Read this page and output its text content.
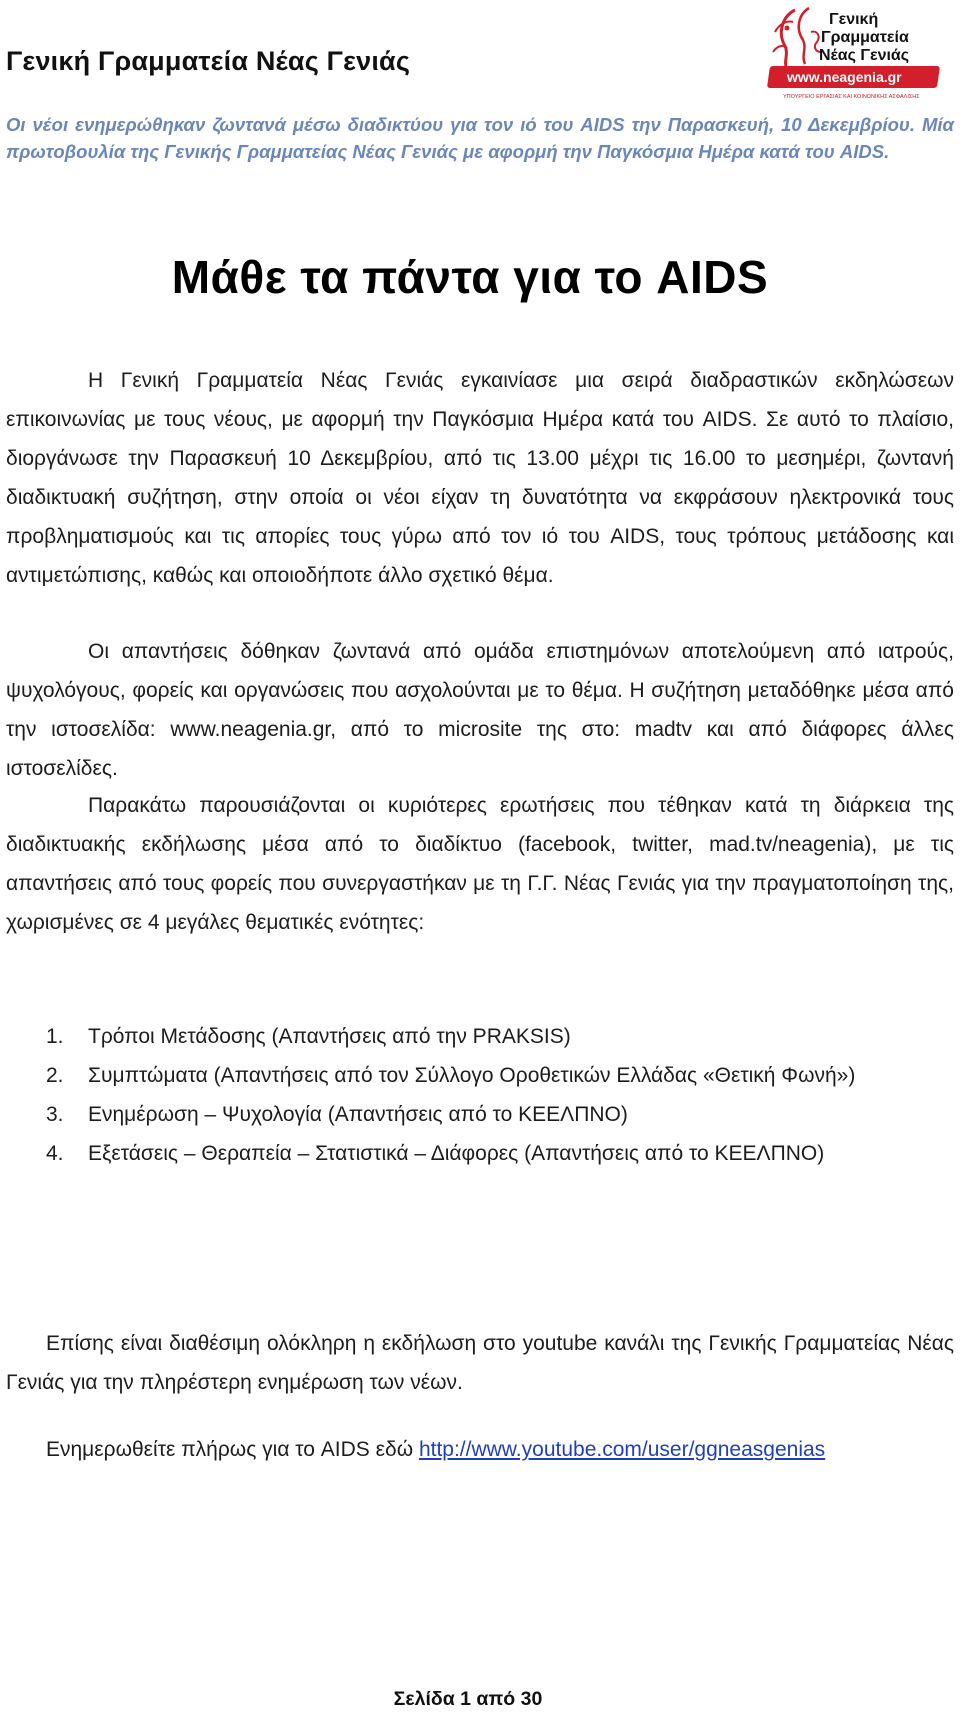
Γενική Γραμματεία Νέας Γενιάς
Γενική
Γραμματεία
Νέας Γενιάς
www.neagenia.gr
ΥΠΟΥΡΓΕΙΟ ΕΡΓΑΣΙΑΣ ΚΑΙ ΚΟΙΝΩΝΙΚΗΣ ΑΣΦΑΛΙΣΗΣ
Οι νέοι ενημερώθηκαν ζωντανά μέσω διαδικτύου για τον ιό του AIDS την Παρασκευή, 10 Δεκεμβρίου. Μία πρωτοβουλία της Γενικής Γραμματείας Νέας Γενιάς με αφορμή την Παγκόσμια Ημέρα κατά του AIDS.
Μάθε τα πάντα για το AIDS
Η Γενική Γραμματεία Νέας Γενιάς εγκαινίασε μια σειρά διαδραστικών εκδηλώσεων επικοινωνίας με τους νέους, με αφορμή την Παγκόσμια Ημέρα κατά του AIDS. Σε αυτό το πλαίσιο, διοργάνωσε την Παρασκευή 10 Δεκεμβρίου, από τις 13.00 μέχρι τις 16.00 το μεσημέρι, ζωντανή διαδικτυακή συζήτηση, στην οποία οι νέοι είχαν τη δυνατότητα να εκφράσουν ηλεκτρονικά τους προβληματισμούς και τις απορίες τους γύρω από τον ιό του AIDS, τους τρόπους μετάδοσης και αντιμετώπισης, καθώς και οποιοδήποτε άλλο σχετικό θέμα.
Οι απαντήσεις δόθηκαν ζωντανά από ομάδα επιστημόνων αποτελούμενη από ιατρούς, ψυχολόγους, φορείς και οργανώσεις που ασχολούνται με το θέμα. Η συζήτηση μεταδόθηκε μέσα από την ιστοσελίδα: www.neagenia.gr, από το microsite της στο: madtv και από διάφορες άλλες ιστοσελίδες.
Παρακάτω παρουσιάζονται οι κυριότερες ερωτήσεις που τέθηκαν κατά τη διάρκεια της διαδικτυακής εκδήλωσης μέσα από το διαδίκτυο (facebook, twitter, mad.tv/neagenia), με τις απαντήσεις από τους φορείς που συνεργαστήκαν με τη Γ.Γ. Νέας Γενιάς για την πραγματοποίηση της, χωρισμένες σε 4 μεγάλες θεματικές ενότητες:
1. Τρόποι Μετάδοσης (Απαντήσεις από την PRAKSIS)
2. Συμπτώματα (Απαντήσεις από τον Σύλλογο Οροθετικών Ελλάδας «Θετική Φωνή»)
3. Ενημέρωση – Ψυχολογία (Απαντήσεις από το ΚΕΕΛΠΝΟ)
4. Εξετάσεις – Θεραπεία – Στατιστικά – Διάφορες (Απαντήσεις από το ΚΕΕΛΠΝΟ)
Επίσης είναι διαθέσιμη ολόκληρη η εκδήλωση στο youtube κανάλι της Γενικής Γραμματείας Νέας Γενιάς για την πληρέστερη ενημέρωση των νέων.
Ενημερωθείτε πλήρως για το AIDS εδώ http://www.youtube.com/user/ggneasgenias
Σελίδα 1 από 30
